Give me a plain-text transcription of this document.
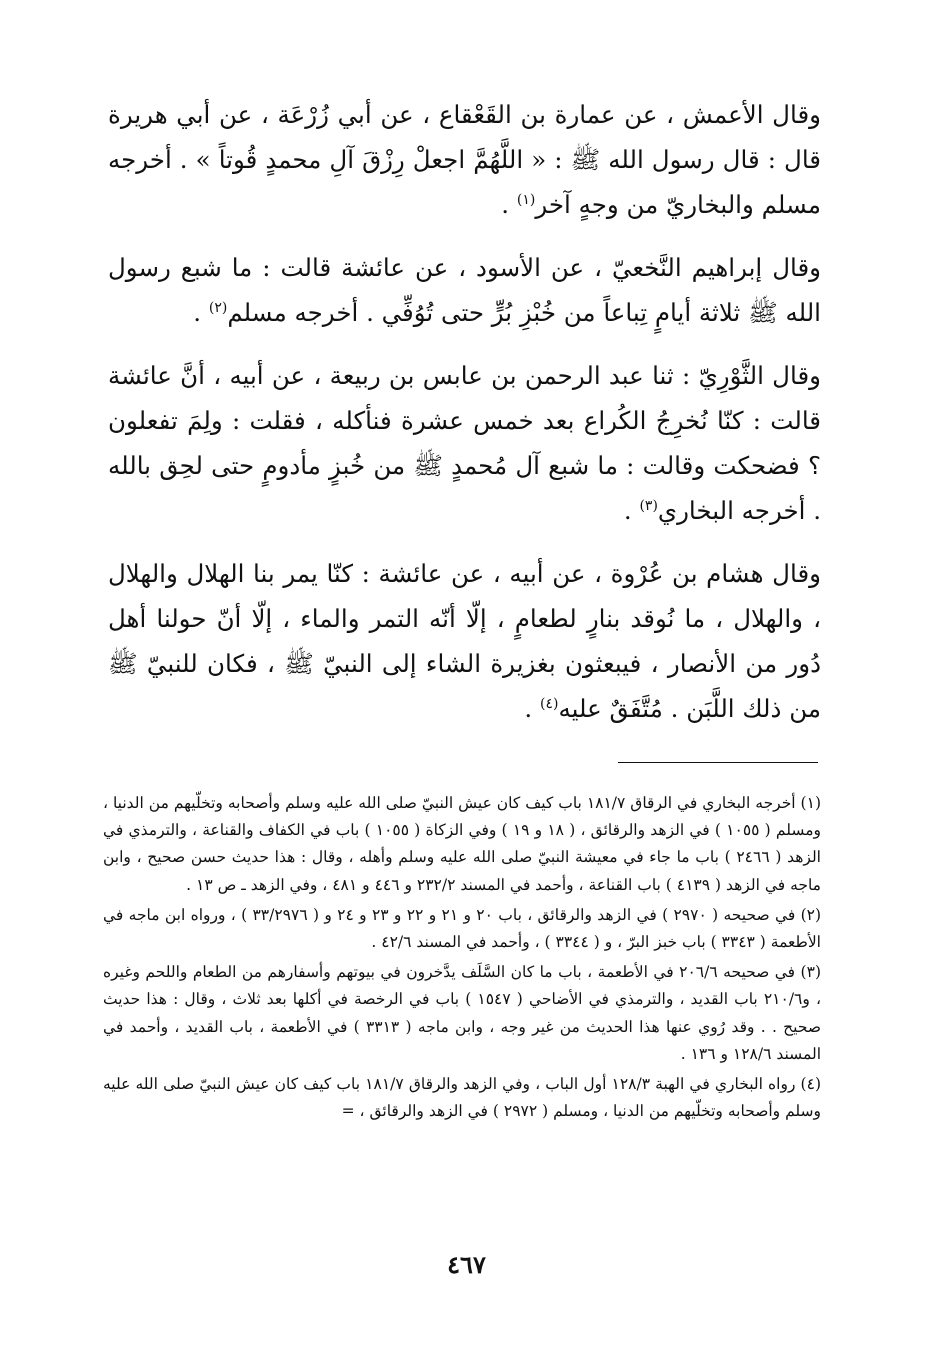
وقال الأعمش ، عن عمارة بن القَعْقاع ، عن أبي زُرْعَة ، عن أبي هريرة قال : قال رسول الله ﷺ : « اللَّهُمَّ اجعلْ رِزْقَ آلِ محمدٍ قُوتاً » . أخرجه مسلم والبخاريّ من وجهٍ آخر$^{(١)}$ .

وقال إبراهيم النَّخعيّ ، عن الأسود ، عن عائشة قالت : ما شبع رسول الله ﷺ ثلاثة أيامٍ تِباعاً من خُبْزِ بُرٍّ حتى تُوُفِّي . أخرجه مسلم$^{(٢)}$ .

وقال الثَّوْرِيّ : ثنا عبد الرحمن بن عابس بن ربيعة ، عن أبيه ، أنَّ عائشة قالت : كنّا نُخرِجُ الكُراع بعد خمس عشرة فنأكله ، فقلت : ولِمَ تفعلون ؟ فضحكت وقالت : ما شبع آل مُحمدٍ ﷺ من خُبزٍ مأدومٍ حتى لحِق بالله . أخرجه البخاري$^{(٣)}$ .

وقال هشام بن عُرْوة ، عن أبيه ، عن عائشة : كنّا يمر بنا الهلال والهلال ، والهلال ، ما نُوقد بنارٍ لطعامٍ ، إلّا أنّه التمر والماء ، إلّا أنّ حولنا أهل دُور من الأنصار ، فيبعثون بغزيرة الشاء إلى النبيّ ﷺ ، فكان للنبيّ ﷺ من ذلك اللَّبَن . مُتَّفَقٌ عليه$^{(٤)}$ .

(١) أخرجه البخاري في الرقاق ١٨١/٧ باب كيف كان عيش النبيّ صلى الله عليه وسلم وأصحابه وتخلّيهم من الدنيا ، ومسلم ( ١٠٥٥ ) في الزهد والرقائق ، ( ١٨ و ١٩ ) وفي الزكاة ( ١٠٥٥ ) باب في الكفاف والقناعة ، والترمذي في الزهد ( ٢٤٦٦ ) باب ما جاء في معيشة النبيّ صلى الله عليه وسلم وأهله ، وقال : هذا حديث حسن صحيح ، وابن ماجه في الزهد ( ٤١٣٩ ) باب القناعة ، وأحمد في المسند ٢٣٢/٢ و ٤٤٦ و ٤٨١ ، وفي الزهد ـ ص ١٣ .

(٢) في صحيحه ( ٢٩٧٠ ) في الزهد والرقائق ، باب ٢٠ و ٢١ و ٢٢ و ٢٣ و ٢٤ و ( ٣٣/٢٩٧٦ ) ، ورواه ابن ماجه في الأطعمة ( ٣٣٤٣ ) باب خبز البرّ ، و ( ٣٣٤٤ ) ، وأحمد في المسند ٤٢/٦ .

(٣) في صحيحه ٢٠٦/٦ في الأطعمة ، باب ما كان السَّلَف يدَّخرون في بيوتهم وأسفارهم من الطعام واللحم وغيره ، و٢١٠/٦ باب القديد ، والترمذي في الأضاحي ( ١٥٤٧ ) باب في الرخصة في أكلها بعد ثلاث ، وقال : هذا حديث صحيح . . وقد رُوي عنها هذا الحديث من غير وجه ، وابن ماجه ( ٣٣١٣ ) في الأطعمة ، باب القديد ، وأحمد في المسند ١٢٨/٦ و ١٣٦ .

(٤) رواه البخاري في الهبة ١٢٨/٣ أول الباب ، وفي الزهد والرقاق ١٨١/٧ باب كيف كان عيش النبيّ صلى الله عليه وسلم وأصحابه وتخلّيهم من الدنيا ، ومسلم ( ٢٩٧٢ ) في الزهد والرقائق ، =

٤٦٧
